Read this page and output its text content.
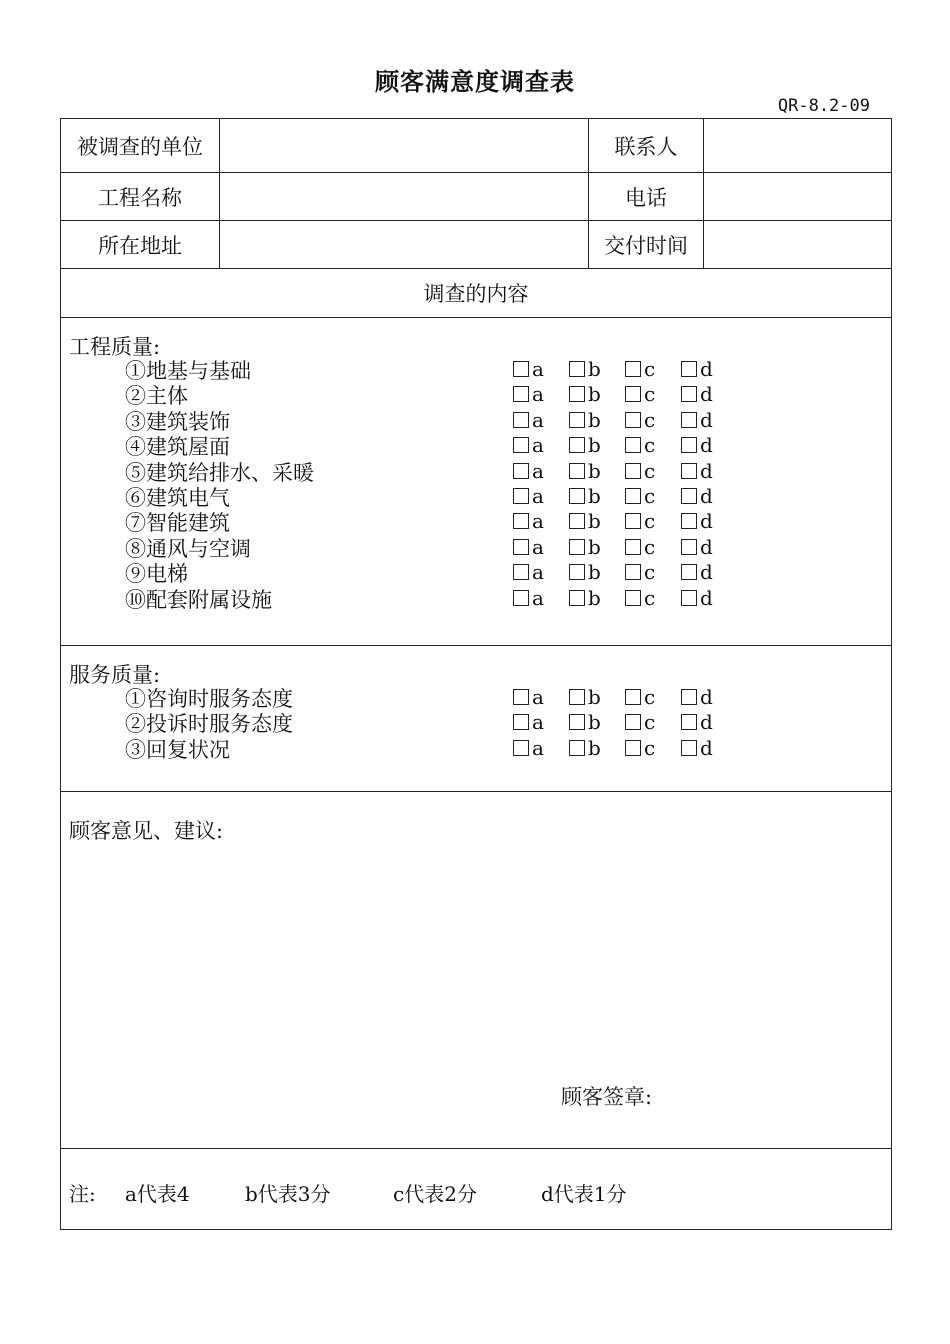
顾客满意度调查表
QR-8.2-09
被调查的单位		联系人	
工程名称		电话	
所在地址		交付时间	
调查的内容			
工程质量:
①地基与基础	a b c d
②主体	a b c d
③建筑装饰	a b c d
④建筑屋面	a b c d
⑤建筑给排水、采暖	a b c d
⑥建筑电气	a b c d
⑦智能建筑	a b c d
⑧通风与空调	a b c d
⑨电梯	a b c d
⑩配套附属设施	a b c d
服务质量:
①咨询时服务态度	a b c d
②投诉时服务态度	a b c d
③回复状况	a b c d
顾客意见、建议:
顾客签章:
注:	a代表4	b代表3分	c代表2分	d代表1分
